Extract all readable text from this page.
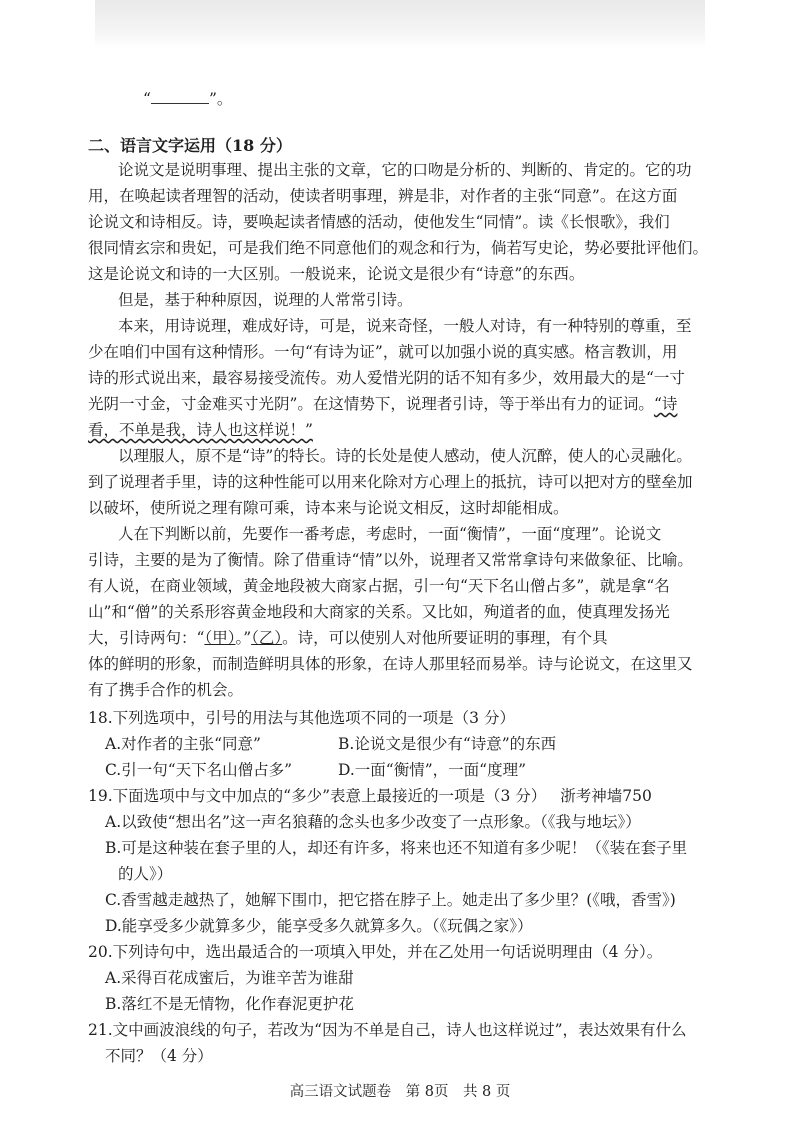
“	”。
二、语言文字运用（18 分）
论说文是说明事理、提出主张的文章，它的口吻是分析的、判断的、肯定的。它的功
用，在唤起读者理智的活动，使读者明事理，辨是非，对作者的主张“同意”。在这方面
论说文和诗相反。诗，要唤起读者情感的活动，使他发生“同情”。读《长恨歌》，我们
很同情玄宗和贵妃，可是我们绝不同意他们的观念和行为，倘若写史论，势必要批评他们。
这是论说文和诗的一大区别。一般说来，论说文是很少有“诗意”的东西。
但是，基于种种原因，说理的人常常引诗。
本来，用诗说理，难成好诗，可是，说来奇怪，一般人对诗，有一种特别的尊重，至
少在咱们中国有这种情形。一句“有诗为证”，就可以加强小说的真实感。格言教训，用
诗的形式说出来，最容易接受流传。劝人爱惜光阴的话不知有多少，效用最大的是“一寸
光阴一寸金，寸金难买寸光阴”。在这情势下，说理者引诗，等于举出有力的证词。“诗
看，不单是我，诗人也这样说！”
以理服人，原不是“诗”的特长。诗的长处是使人感动，使人沉醉，使人的心灵融化。
到了说理者手里，诗的这种性能可以用来化除对方心理上的抵抗，诗可以把对方的壁垒加
以破坏，使所说之理有隙可乘，诗本来与论说文相反，这时却能相成。
人在下判断以前，先要作一番考虑，考虑时，一面“衡情”，一面“度理”。论说文
引诗，主要的是为了衡情。除了借重诗“情”以外，说理者又常常拿诗句来做象征、比喻。
有人说，在商业领域，黄金地段被大商家占据，引一句“天下名山僧占多”，就是拿“名
山”和“僧”的关系形容黄金地段和大商家的关系。又比如，殉道者的血，使真理发扬光
大，引诗两句：“（甲）。”（乙）。诗，可以使别人对他所要证明的事理，有个具
体的鲜明的形象，而制造鲜明具体的形象，在诗人那里轻而易举。诗与论说文，在这里又
有了携手合作的机会。
18.下列选项中，引号的用法与其他选项不同的一项是（3 分）
A.对作者的主张“同意”	B.论说文是很少有“诗意”的东西
C.引一句“天下名山僧占多”	D.一面“衡情”，一面“度理”
19.下面选项中与文中加点的“多少”表意上最接近的一项是（3 分） 浙考神墙750
A.以致使“想出名”这一声名狼藉的念头也多少改变了一点形象。（《我与地坛》）
B.可是这种装在套子里的人，却还有许多，将来也还不知道有多少呢！（《装在套子里
的人》）
C.香雪越走越热了，她解下围巾，把它搭在脖子上。她走出了多少里？(《哦，香雪》)
D.能享受多少就算多少，能享受多久就算多久。（《玩偶之家》）
20.下列诗句中，选出最适合的一项填入甲处，并在乙处用一句话说明理由（4 分）。
A.采得百花成蜜后，为谁辛苦为谁甜
B.落红不是无情物，化作春泥更护花
21.文中画波浪线的句子，若改为“因为不单是自己，诗人也这样说过”，表达效果有什么
不同？（4 分）
高三语文试题卷　第 8页　共 8 页
